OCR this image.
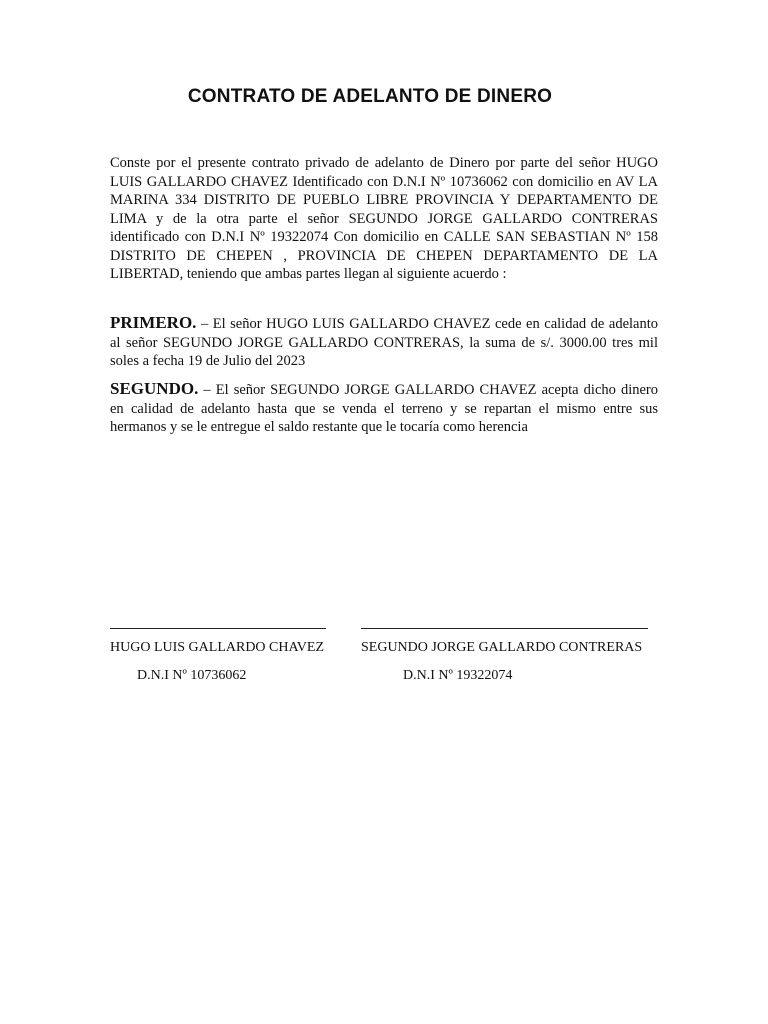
CONTRATO DE ADELANTO DE DINERO

Conste por el presente contrato privado de adelanto de Dinero por parte del señor HUGO LUIS GALLARDO CHAVEZ Identificado con D.N.I Nº 10736062 con domicilio en AV LA MARINA 334 DISTRITO DE PUEBLO LIBRE PROVINCIA Y DEPARTAMENTO DE LIMA y de la otra parte el señor SEGUNDO JORGE GALLARDO CONTRERAS identificado con D.N.I Nº 19322074 Con domicilio en CALLE SAN SEBASTIAN Nº 158 DISTRITO DE CHEPEN , PROVINCIA DE CHEPEN DEPARTAMENTO DE LA LIBERTAD, teniendo que ambas partes llegan al siguiente acuerdo :

PRIMERO. – El señor HUGO LUIS GALLARDO CHAVEZ cede en calidad de adelanto al señor SEGUNDO JORGE GALLARDO CONTRERAS, la suma de s/. 3000.00 tres mil soles a fecha 19 de Julio del 2023

SEGUNDO. – El señor SEGUNDO JORGE GALLARDO CHAVEZ acepta dicho dinero en calidad de adelanto hasta que se venda el terreno y se repartan el mismo entre sus hermanos y se le entregue el saldo restante que le tocaría como herencia

HUGO LUIS GALLARDO CHAVEZ	SEGUNDO JORGE GALLARDO CONTRERAS
D.N.I Nº 10736062	D.N.I Nº 19322074
